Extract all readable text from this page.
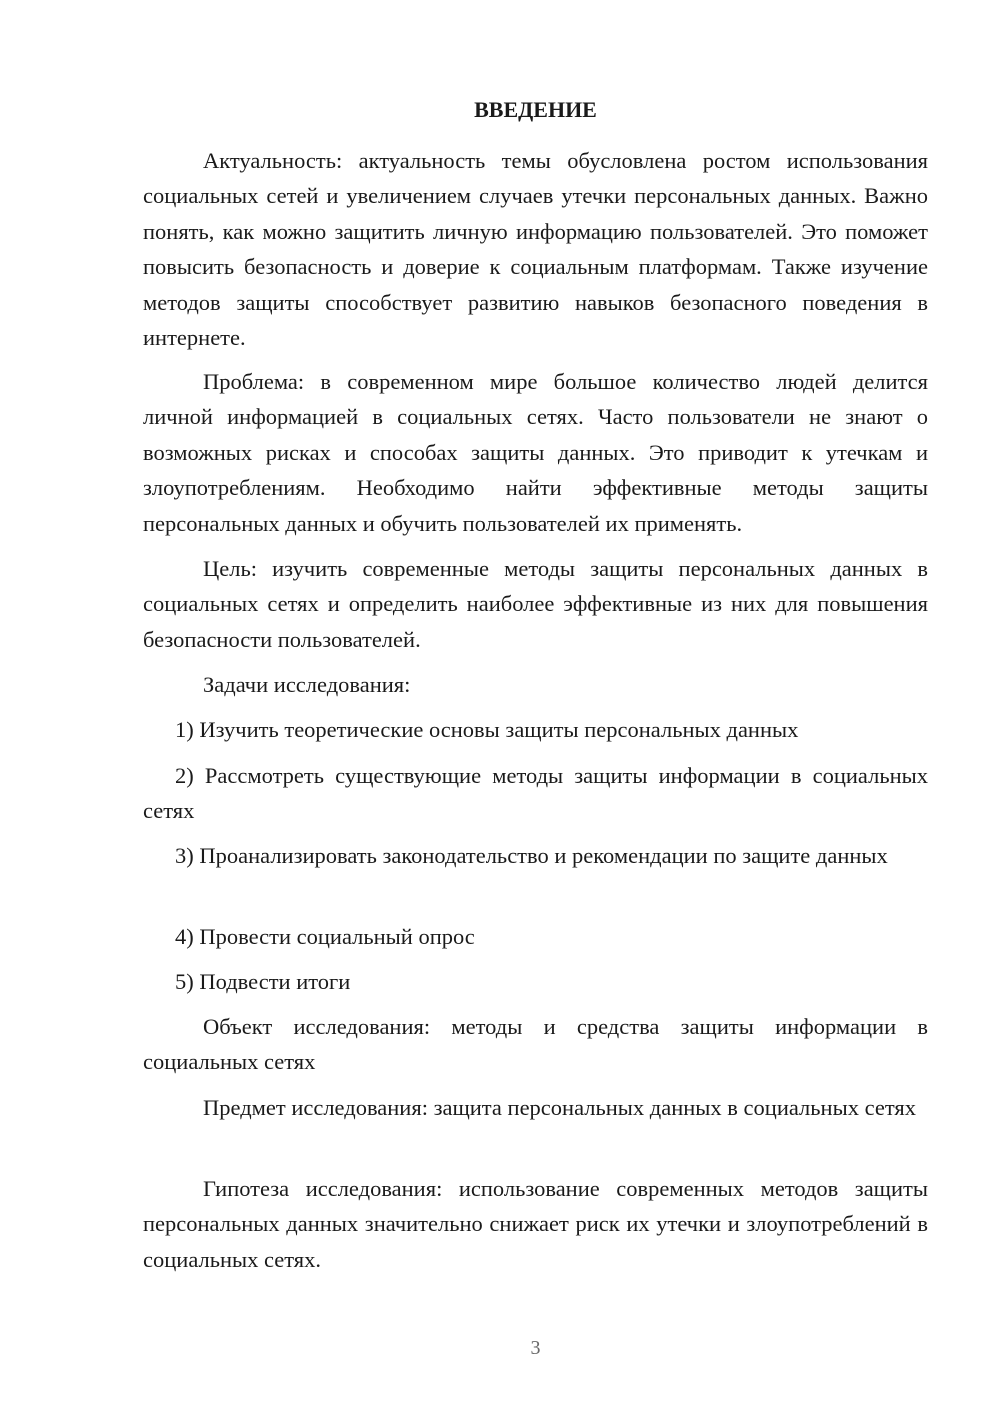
ВВЕДЕНИЕ

Актуальность: актуальность темы обусловлена ростом использования социальных сетей и увеличением случаев утечки персональных данных. Важно понять, как можно защитить личную информацию пользователей. Это поможет повысить безопасность и доверие к социальным платформам. Также изучение методов защиты способствует развитию навыков безопасного поведения в интернете.

Проблема: в современном мире большое количество людей делится личной информацией в социальных сетях. Часто пользователи не знают о возможных рисках и способах защиты данных. Это приводит к утечкам и злоупотреблениям. Необходимо найти эффективные методы защиты персональных данных и обучить пользователей их применять.

Цель: изучить современные методы защиты персональных данных в социальных сетях и определить наиболее эффективные из них для повышения безопасности пользователей.

Задачи исследования:

1) Изучить теоретические основы защиты персональных данных

2) Рассмотреть существующие методы защиты информации в социальных сетях

3) Проанализировать законодательство и рекомендации по защите данных

4) Провести социальный опрос

5) Подвести итоги

Объект исследования: методы и средства защиты информации в социальных сетях

Предмет исследования: защита персональных данных в социальных сетях

Гипотеза исследования: использование современных методов защиты персональных данных значительно снижает риск их утечки и злоупотреблений в социальных сетях.

3
